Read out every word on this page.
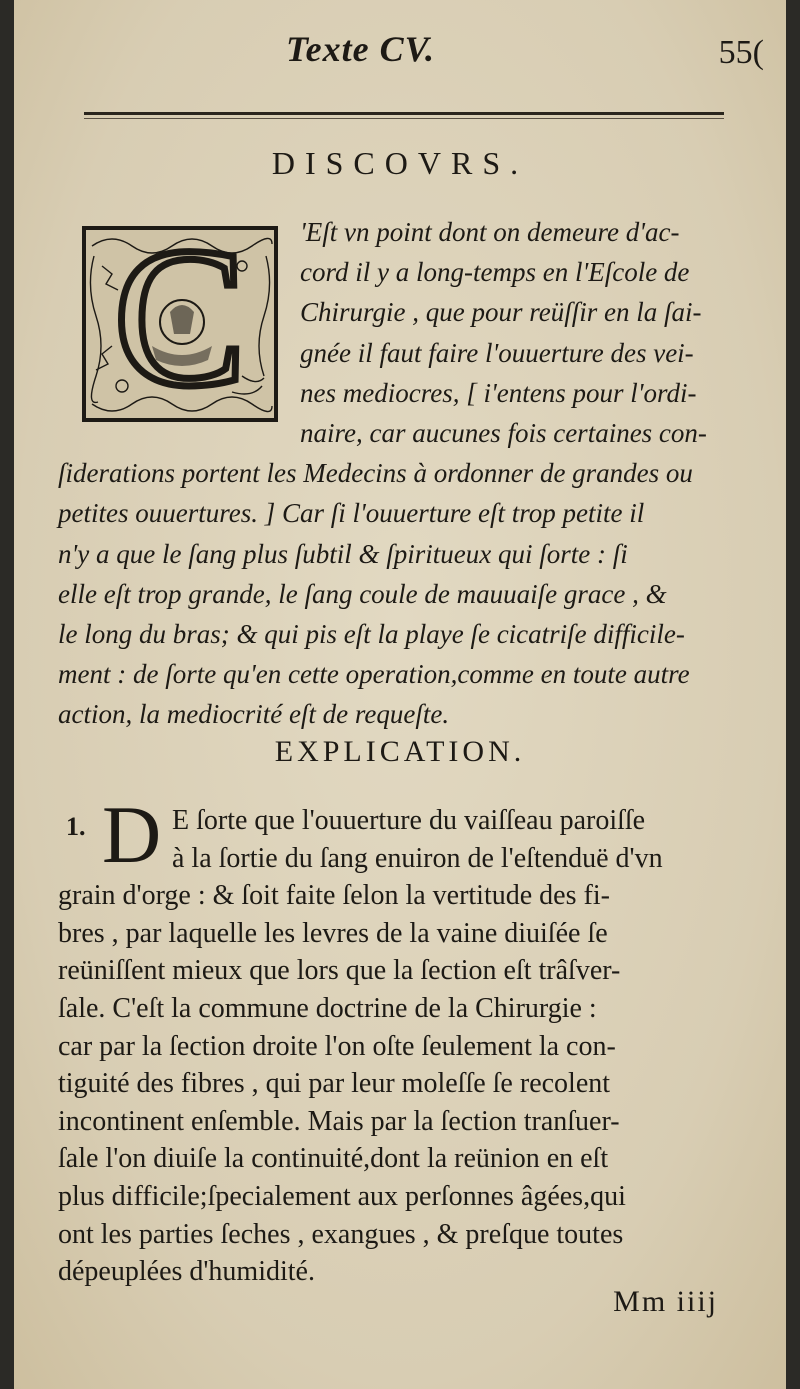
Texte CV.	55(
DISCOVRS.
C	'Eſt vn point dont on demeure d'ac-
cord il y a long-temps en l'Eſcole de
Chirurgie , que pour reüſſir en la ſai-
gnée il faut faire l'ouuerture des vei-
nes mediocres, [ i'entens pour l'ordi-
naire, car aucunes fois certaines con-
ſiderations portent les Medecins à ordonner de grandes ou
petites ouuertures. ] Car ſi l'ouuerture eſt trop petite il
n'y a que le ſang plus ſubtil & ſpiritueux qui ſorte : ſi
elle eſt trop grande, le ſang coule de mauuaiſe grace , &
le long du bras; & qui pis eſt la playe ſe cicatriſe difficile-
ment : de ſorte qu'en cette operation,comme en toute autre
action, la mediocrité eſt de requeſte.
EXPLICATION.
1. D E ſorte que l'ouuerture du vaiſſeau paroiſſe
à la ſortie du ſang enuiron de l'eſtenduë d'vn
grain d'orge : & ſoit faite ſelon la vertitude des fi-
bres , par laquelle les levres de la vaine diuiſée ſe
reüniſſent mieux que lors que la ſection eſt trâſver-
ſale. C'eſt la commune doctrine de la Chirurgie :
car par la ſection droite l'on oſte ſeulement la con-
tiguité des fibres , qui par leur moleſſe ſe recolent
incontinent enſemble. Mais par la ſection tranſuer-
ſale l'on diuiſe la continuité,dont la reünion en eſt
plus difficile;ſpecialement aux perſonnes âgées,qui
ont les parties ſeches , exangues , & preſque toutes
dépeuplées d'humidité.
Mm iiij
